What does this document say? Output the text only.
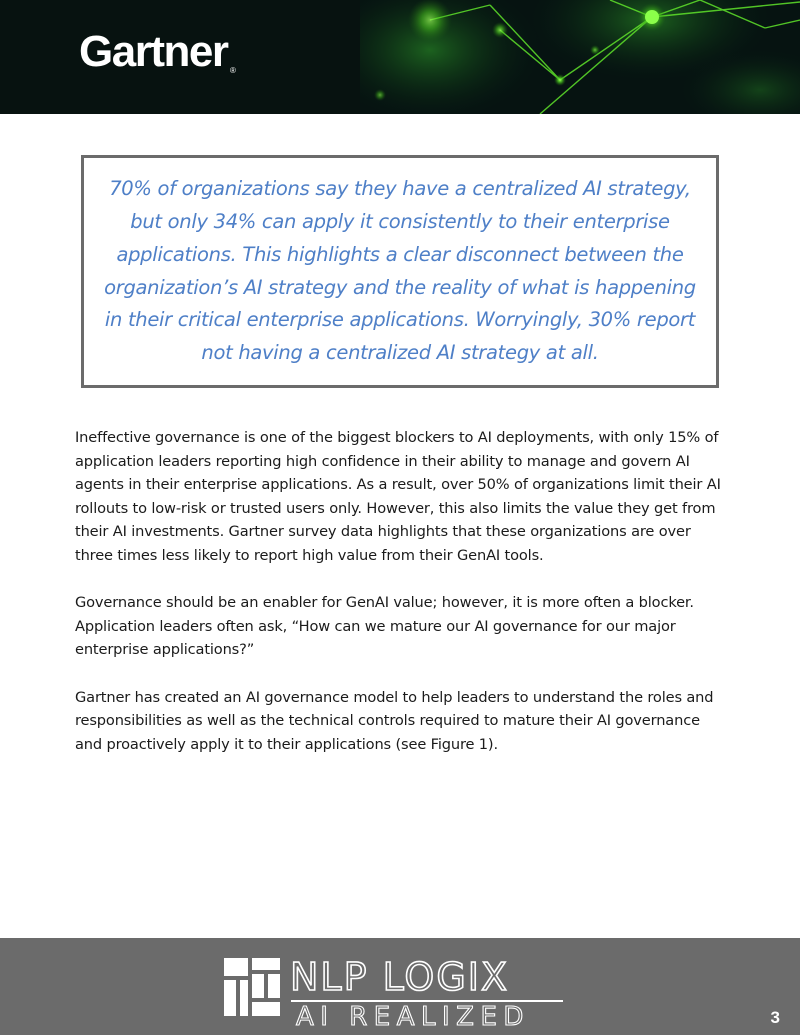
Gartner ®

70% of organizations say they have a centralized AI strategy, but only 34% can apply it consistently to their enterprise applications. This highlights a clear disconnect between the organization’s AI strategy and the reality of what is happening in their critical enterprise applications. Worryingly, 30% report not having a centralized AI strategy at all.

Ineffective governance is one of the biggest blockers to AI deployments, with only 15% of application leaders reporting high confidence in their ability to manage and govern AI agents in their enterprise applications. As a result, over 50% of organizations limit their AI rollouts to low-risk or trusted users only. However, this also limits the value they get from their AI investments. Gartner survey data highlights that these organizations are over three times less likely to report high value from their GenAI tools.

Governance should be an enabler for GenAI value; however, it is more often a blocker. Application leaders often ask, “How can we mature our AI governance for our major enterprise applications?”

Gartner has created an AI governance model to help leaders to understand the roles and responsibilities as well as the technical controls required to mature their AI governance and proactively apply it to their applications (see Figure 1).

NLP LOGIX
AI REALIZED	3
